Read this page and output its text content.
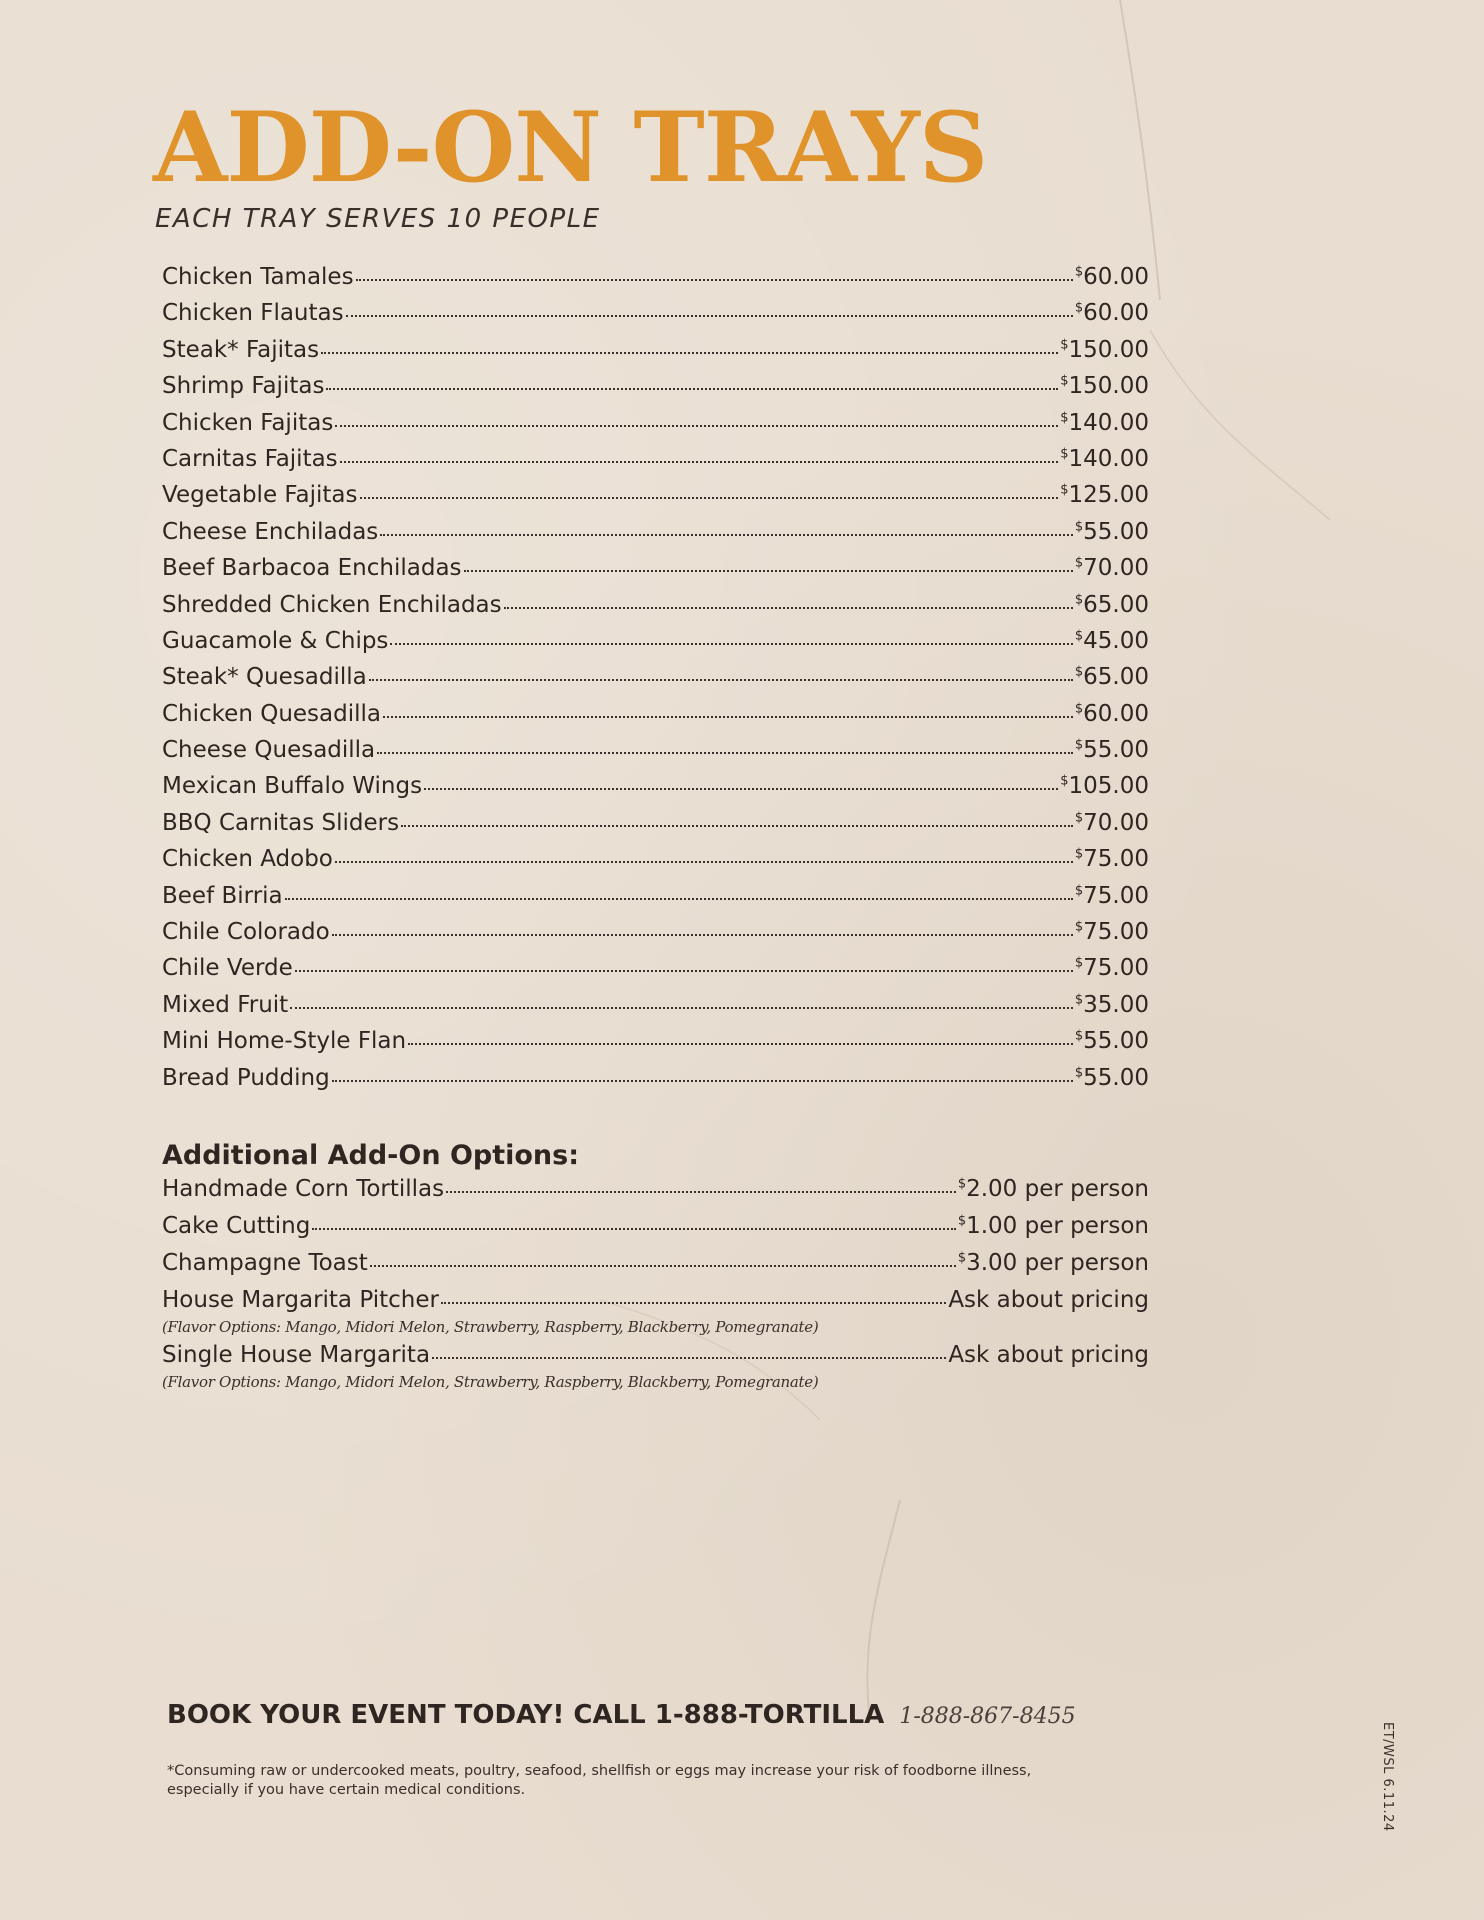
ADD-ON TRAYS
EACH TRAY SERVES 10 PEOPLE
Chicken Tamales	$60.00
Chicken Flautas	$60.00
Steak* Fajitas	$150.00
Shrimp Fajitas	$150.00
Chicken Fajitas	$140.00
Carnitas Fajitas	$140.00
Vegetable Fajitas	$125.00
Cheese Enchiladas	$55.00
Beef Barbacoa Enchiladas	$70.00
Shredded Chicken Enchiladas	$65.00
Guacamole & Chips	$45.00
Steak* Quesadilla	$65.00
Chicken Quesadilla	$60.00
Cheese Quesadilla	$55.00
Mexican Buffalo Wings	$105.00
BBQ Carnitas Sliders	$70.00
Chicken Adobo	$75.00
Beef Birria	$75.00
Chile Colorado	$75.00
Chile Verde	$75.00
Mixed Fruit	$35.00
Mini Home-Style Flan	$55.00
Bread Pudding	$55.00
Additional Add-On Options:
Handmade Corn Tortillas	$2.00 per person
Cake Cutting	$1.00 per person
Champagne Toast	$3.00 per person
House Margarita Pitcher	Ask about pricing
(Flavor Options: Mango, Midori Melon, Strawberry, Raspberry, Blackberry, Pomegranate)
Single House Margarita	Ask about pricing
(Flavor Options: Mango, Midori Melon, Strawberry, Raspberry, Blackberry, Pomegranate)
BOOK YOUR EVENT TODAY! CALL 1-888-TORTILLA 1-888-867-8455
*Consuming raw or undercooked meats, poultry, seafood, shellfish or eggs may increase your risk of foodborne illness, especially if you have certain medical conditions.	ET/WSL 6.11.24
